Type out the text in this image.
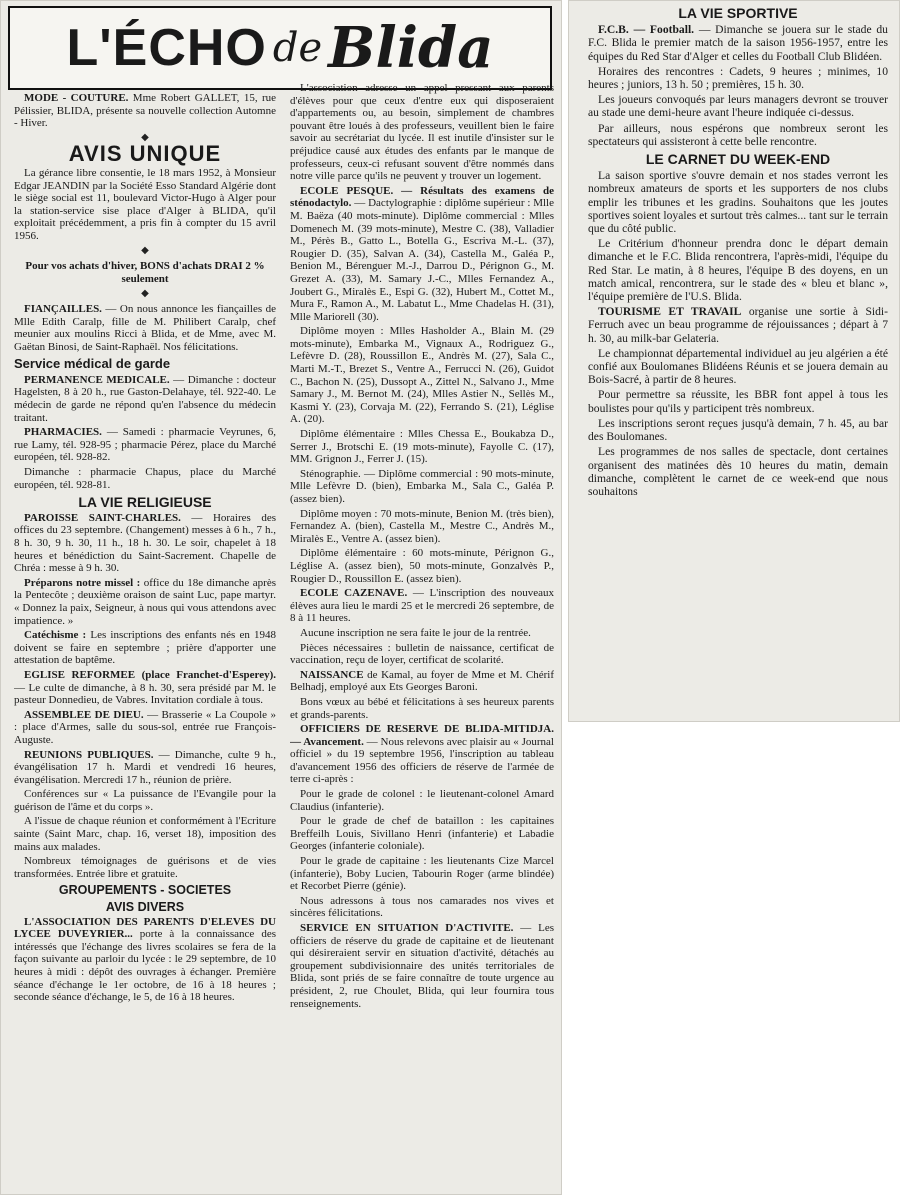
L'ÉCHO de Blida

MODE - COUTURE. Mme Robert GALLET, 15, rue Pélissier, BLIDA, présente sa nouvelle collection Automne - Hiver.

◆
AVIS UNIQUE

La gérance libre consentie, le 18 mars 1952, à Monsieur Edgar JEANDIN par la Société Esso Standard Algérie dont le siège social est 11, boulevard Victor-Hugo à Alger pour la station-service sise place d'Alger à BLIDA, qu'il exploitait précédemment, a pris fin à compter du 15 avril 1956.

◆
Pour vos achats d'hiver, BONS d'achats DRAI 2 % seulement
◆

FIANÇAILLES. — On nous annonce les fiançailles de Mlle Edith Caralp, fille de M. Philibert Caralp, chef meunier aux moulins Ricci à Blida, et de Mme, avec M. Gaëtan Binosi, de Saint-Raphaël. Nos félicitations.

Service médical de garde

PERMANENCE MEDICALE. — Dimanche : docteur Hagelsten, 8 à 20 h., rue Gaston-Delahaye, tél. 922-40. Le médecin de garde ne répond qu'en l'absence du médecin traitant.

PHARMACIES. — Samedi : pharmacie Veyrunes, 6, rue Lamy, tél. 928-95 ; pharmacie Pérez, place du Marché européen, tél. 928-82.

Dimanche : pharmacie Chapus, place du Marché européen, tél. 928-81.

LA VIE RELIGIEUSE

PAROISSE SAINT-CHARLES. — Horaires des offices du 23 septembre. (Changement) messes à 6 h., 7 h., 8 h. 30, 9 h. 30, 11 h., 18 h. 30. Le soir, chapelet à 18 heures et bénédiction du Saint-Sacrement. Chapelle de Chréa : messe à 9 h. 30.

Préparons notre missel : office du 18e dimanche après la Pentecôte ; deuxième oraison de saint Luc, pape martyr. « Donnez la paix, Seigneur, à nous qui vous attendons avec impatience. »

Catéchisme : Les inscriptions des enfants nés en 1948 doivent se faire en septembre ; prière d'apporter une attestation de baptême.

EGLISE REFORMEE (place Franchet-d'Esperey). — Le culte de dimanche, à 8 h. 30, sera présidé par M. le pasteur Donnedieu, de Vabres. Invitation cordiale à tous.

ASSEMBLEE DE DIEU. — Brasserie « La Coupole » : place d'Armes, salle du sous-sol, entrée rue François-Auguste.

REUNIONS PUBLIQUES. — Dimanche, culte 9 h., évangélisation 17 h. Mardi et vendredi 16 heures, évangélisation. Mercredi 17 h., réunion de prière.

Conférences sur « La puissance de l'Evangile pour la guérison de l'âme et du corps ».

A l'issue de chaque réunion et conformément à l'Ecriture sainte (Saint Marc, chap. 16, verset 18), imposition des mains aux malades.

Nombreux témoignages de guérisons et de vies transformées. Entrée libre et gratuite.

GROUPEMENTS - SOCIETES
AVIS DIVERS

L'ASSOCIATION DES PARENTS D'ELEVES DU LYCEE DUVEYRIER... porte à la connaissance des intéressés que l'échange des livres scolaires se fera de la façon suivante au parloir du lycée : le 29 septembre, de 10 heures à midi : dépôt des ouvrages à échanger. Première séance d'échange le 1er octobre, de 16 à 18 heures ; seconde séance d'échange, le 5, de 16 à 18 heures.

L'association adresse un appel pressant aux parents d'élèves pour que ceux d'entre eux qui disposeraient d'appartements ou, au besoin, simplement de chambres pouvant être loués à des professeurs, veuillent bien le faire savoir au secrétariat du lycée. Il est inutile d'insister sur le préjudice causé aux études des enfants par le manque de professeurs, ceux-ci refusant souvent d'être nommés dans notre ville parce qu'ils ne peuvent y trouver un logement.

ECOLE PESQUE. — Résultats des examens de sténodactylo. — Dactylographie : diplôme supérieur : Mlle M. Baëza (40 mots-minute). Diplôme commercial : Mlles Domenech M. (39 mots-minute), Mestre C. (38), Valladier M., Pérès B., Gatto L., Botella G., Escriva M.-L. (37), Rougier D. (35), Salvan A. (34), Castella M., Galéa P., Benion M., Bérenguer M.-J., Darrou D., Pérignon G., M. Grezet A. (33), M. Samary J.-C., Mlles Fernandez A., Joubert G., Miralès E., Espi G. (32), Hubert M., Cottet M., Mura F., Ramon A., M. Labatut L., Mme Chadelas H. (31), Mlle Mariorell (30).

Diplôme moyen : Mlles Hasholder A., Blain M. (29 mots-minute), Embarka M., Vignaux A., Rodriguez G., Lefèvre D. (28), Roussillon E., Andrès M. (27), Sala C., Marti M.-T., Brezet S., Ventre A., Ferrucci N. (26), Guidot C., Bachon N. (25), Dussopt A., Zittel N., Salvano J., Mme Samary J., M. Bernot M. (24), Mlles Astier N., Sellès M., Kasmi Y. (23), Corvaja M. (22), Ferrando S. (21), Léglise A. (20).

Diplôme élémentaire : Mlles Chessa E., Boukabza D., Serrer J., Brotschi E. (19 mots-minute), Fayolle C. (17), MM. Grignon J., Ferrer J. (15).

Sténographie. — Diplôme commercial : 90 mots-minute, Mlle Lefèvre D. (bien), Embarka M., Sala C., Galéa P. (assez bien).

Diplôme moyen : 70 mots-minute, Benion M. (très bien), Fernandez A. (bien), Castella M., Mestre C., Andrès M., Miralès E., Ventre A. (assez bien).

Diplôme élémentaire : 60 mots-minute, Pérignon G., Léglise A. (assez bien), 50 mots-minute, Gonzalvès P., Rougier D., Roussillon E. (assez bien).

ECOLE CAZENAVE. — L'inscription des nouveaux élèves aura lieu le mardi 25 et le mercredi 26 septembre, de 8 à 11 heures.

Aucune inscription ne sera faite le jour de la rentrée.

Pièces nécessaires : bulletin de naissance, certificat de vaccination, reçu de loyer, certificat de scolarité.

NAISSANCE de Kamal, au foyer de Mme et M. Chérif Belhadj, employé aux Ets Georges Baroni.

Bons vœux au bébé et félicitations à ses heureux parents et grands-parents.

OFFICIERS DE RESERVE DE BLIDA-MITIDJA. — Avancement. — Nous relevons avec plaisir au « Journal officiel » du 19 septembre 1956, l'inscription au tableau d'avancement 1956 des officiers de réserve de l'armée de terre ci-après :

Pour le grade de colonel : le lieutenant-colonel Amard Claudius (infanterie).

Pour le grade de chef de bataillon : les capitaines Breffeilh Louis, Sivillano Henri (infanterie) et Labadie Georges (infanterie coloniale).

Pour le grade de capitaine : les lieutenants Cize Marcel (infanterie), Boby Lucien, Tabourin Roger (arme blindée) et Recorbet Pierre (génie).

Nous adressons à tous nos camarades nos vives et sincères félicitations.

SERVICE EN SITUATION D'ACTIVITE. — Les officiers de réserve du grade de capitaine et de lieutenant qui désireraient servir en situation d'activité, détachés au groupement subdivisionnaire des unités territoriales de Blida, sont priés de se faire connaître de toute urgence au président, 2, rue Choulet, Blida, qui leur fournira tous renseignements.

LA VIE SPORTIVE

F.C.B. — Football. — Dimanche se jouera sur le stade du F.C. Blida le premier match de la saison 1956-1957, entre les équipes du Red Star d'Alger et celles du Football Club Blidéen.

Horaires des rencontres : Cadets, 9 heures ; minimes, 10 heures ; juniors, 13 h. 50 ; premières, 15 h. 30.

Les joueurs convoqués par leurs managers devront se trouver au stade une demi-heure avant l'heure indiquée ci-dessus.

Par ailleurs, nous espérons que nombreux seront les spectateurs qui assisteront à cette belle rencontre.

LE CARNET DU WEEK-END

La saison sportive s'ouvre demain et nos stades verront les nombreux amateurs de sports et les supporters de nos clubs emplir les tribunes et les gradins. Souhaitons que les joutes sportives soient loyales et surtout très calmes... tant sur le terrain que du côté public.

Le Critérium d'honneur prendra donc le départ demain dimanche et le F.C. Blida rencontrera, l'après-midi, l'équipe du Red Star. Le matin, à 8 heures, l'équipe B des doyens, en un match amical, rencontrera, sur le stade des « bleu et blanc », l'équipe première de l'U.S. Blida.

TOURISME ET TRAVAIL organise une sortie à Sidi-Ferruch avec un beau programme de réjouissances ; départ à 7 h. 30, au milk-bar Gelateria.

Le championnat départemental individuel au jeu algérien a été confié aux Boulomanes Blidéens Réunis et se jouera demain au Bois-Sacré, à partir de 8 heures.

Pour permettre sa réussite, les BBR font appel à tous les boulistes pour qu'ils y participent très nombreux.

Les inscriptions seront reçues jusqu'à demain, 7 h. 45, au bar des Boulomanes.

Les programmes de nos salles de spectacle, dont certaines organisent des matinées dès 10 heures du matin, demain dimanche, complètent le carnet de ce week-end que nous souhaitons
